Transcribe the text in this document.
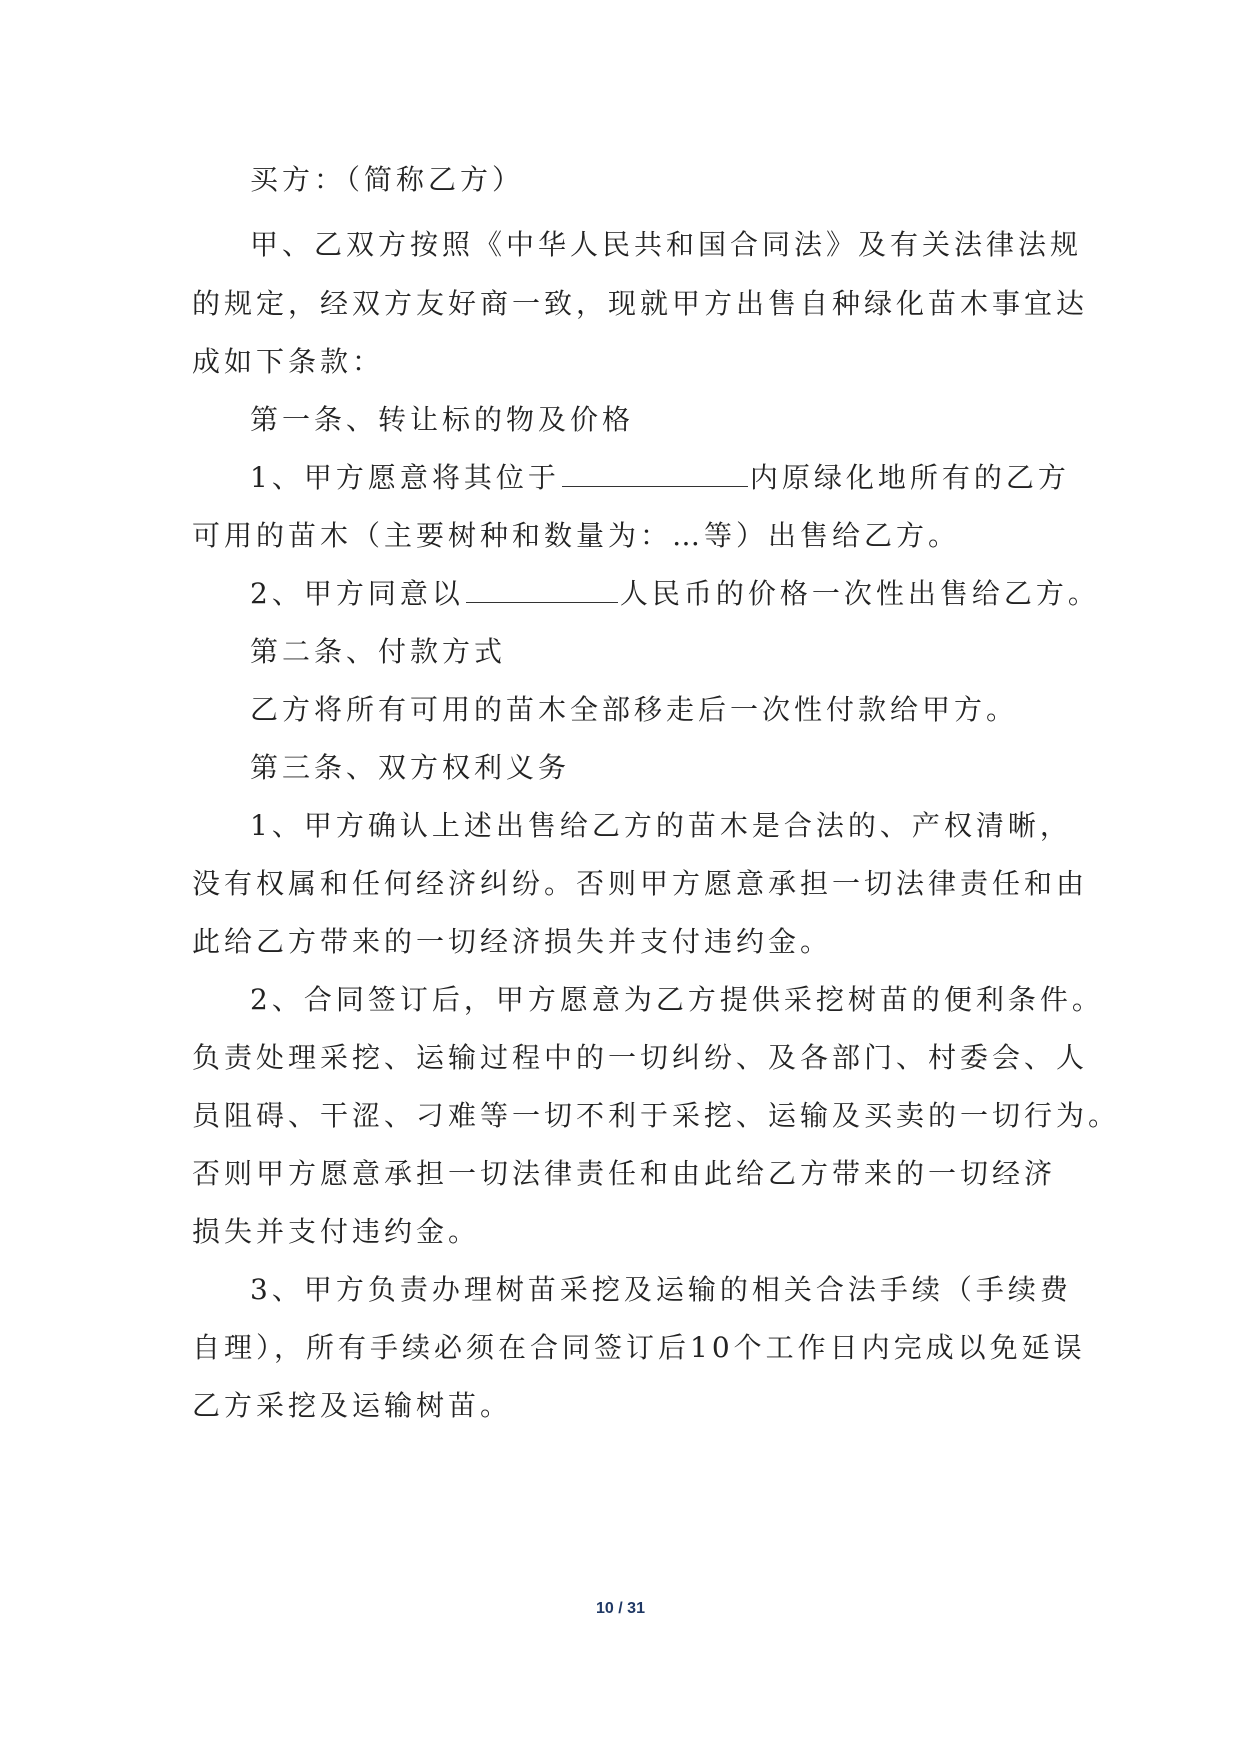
买方：（简称乙方）
甲、乙双方按照《中华人民共和国合同法》及有关法律法规
的规定，经双方友好商一致，现就甲方出售自种绿化苗木事宜达
成如下条款：
第一条、转让标的物及价格
1、甲方愿意将其位于	内原绿化地所有的乙方
可用的苗木（主要树种和数量为：…等）出售给乙方。
2、甲方同意以	人民币的价格一次性出售给乙方。
第二条、付款方式
乙方将所有可用的苗木全部移走后一次性付款给甲方。
第三条、双方权利义务
1、甲方确认上述出售给乙方的苗木是合法的、产权清晰，
没有权属和任何经济纠纷。否则甲方愿意承担一切法律责任和由
此给乙方带来的一切经济损失并支付违约金。
2、合同签订后，甲方愿意为乙方提供采挖树苗的便利条件。
负责处理采挖、运输过程中的一切纠纷、及各部门、村委会、人
员阻碍、干涩、刁难等一切不利于采挖、运输及买卖的一切行为。
否则甲方愿意承担一切法律责任和由此给乙方带来的一切经济
损失并支付违约金。
3、甲方负责办理树苗采挖及运输的相关合法手续（手续费
自理），所有手续必须在合同签订后10个工作日内完成以免延误
乙方采挖及运输树苗。
10 / 31
